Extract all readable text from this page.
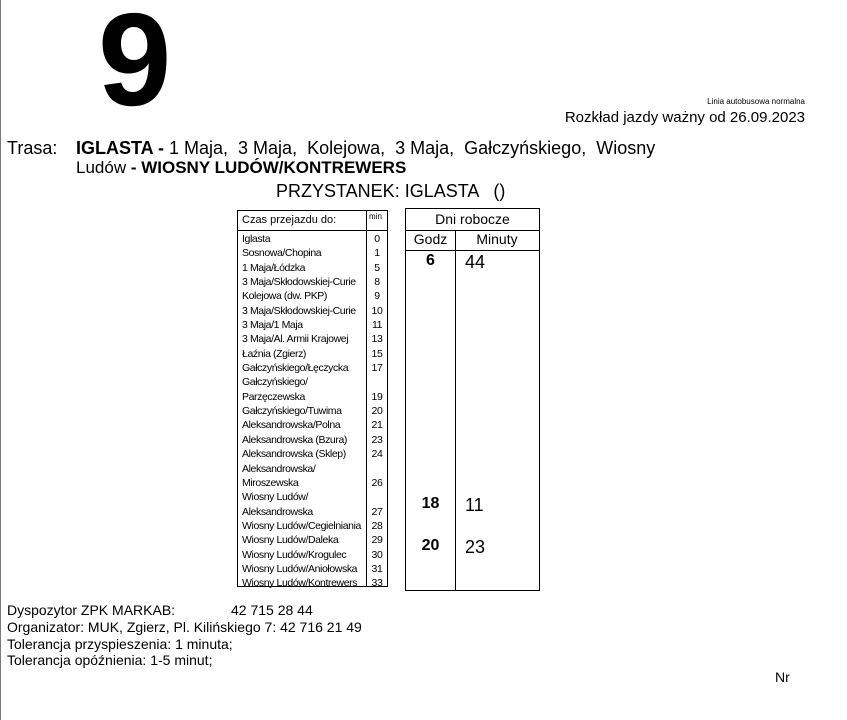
9	Linia autobusowa normalna
Rozkład jazdy ważny od 26.09.2023
Trasa: IGLASTA - 1 Maja,  3 Maja,  Kolejowa,  3 Maja,  Gałczyńskiego,  Wiosny
Ludów - WIOSNY LUDÓW/KONTREWERS
PRZYSTANEK: IGLASTA   ()
Czas przejazdu do:	min
Iglasta	0
Sosnowa/Chopina	1
1 Maja/Łódzka	5
3 Maja/Skłodowskiej-Curie	8
Kolejowa (dw. PKP)	9
3 Maja/Skłodowskiej-Curie	10
3 Maja/1 Maja	11
3 Maja/Al. Armii Krajowej	13
Łaźnia (Zgierz)	15
Gałczyńskiego/Łęczycka	17
Gałczyńskiego/
Parzęczewska	19
Gałczyńskiego/Tuwima	20
Aleksandrowska/Polna	21
Aleksandrowska (Bzura)	23
Aleksandrowska (Sklep)	24
Aleksandrowska/
Miroszewska	26
Wiosny Ludów/
Aleksandrowska	27
Wiosny Ludów/Cegielniania	28
Wiosny Ludów/Daleka	29
Wiosny Ludów/Krogulec	30
Wiosny Ludów/Aniołowska	31
Wiosny Ludów/Kontrewers	33
Dni robocze
Godz	Minuty
6	44
18	11
20	23
Dyspozytor ZPK MARKAB:	42 715 28 44
Organizator: MUK, Zgierz, Pl. Kilińskiego 7: 42 716 21 49
Tolerancja przyspieszenia: 1 minuta;
Tolerancja opóźnienia: 1-5 minut;
Nr
